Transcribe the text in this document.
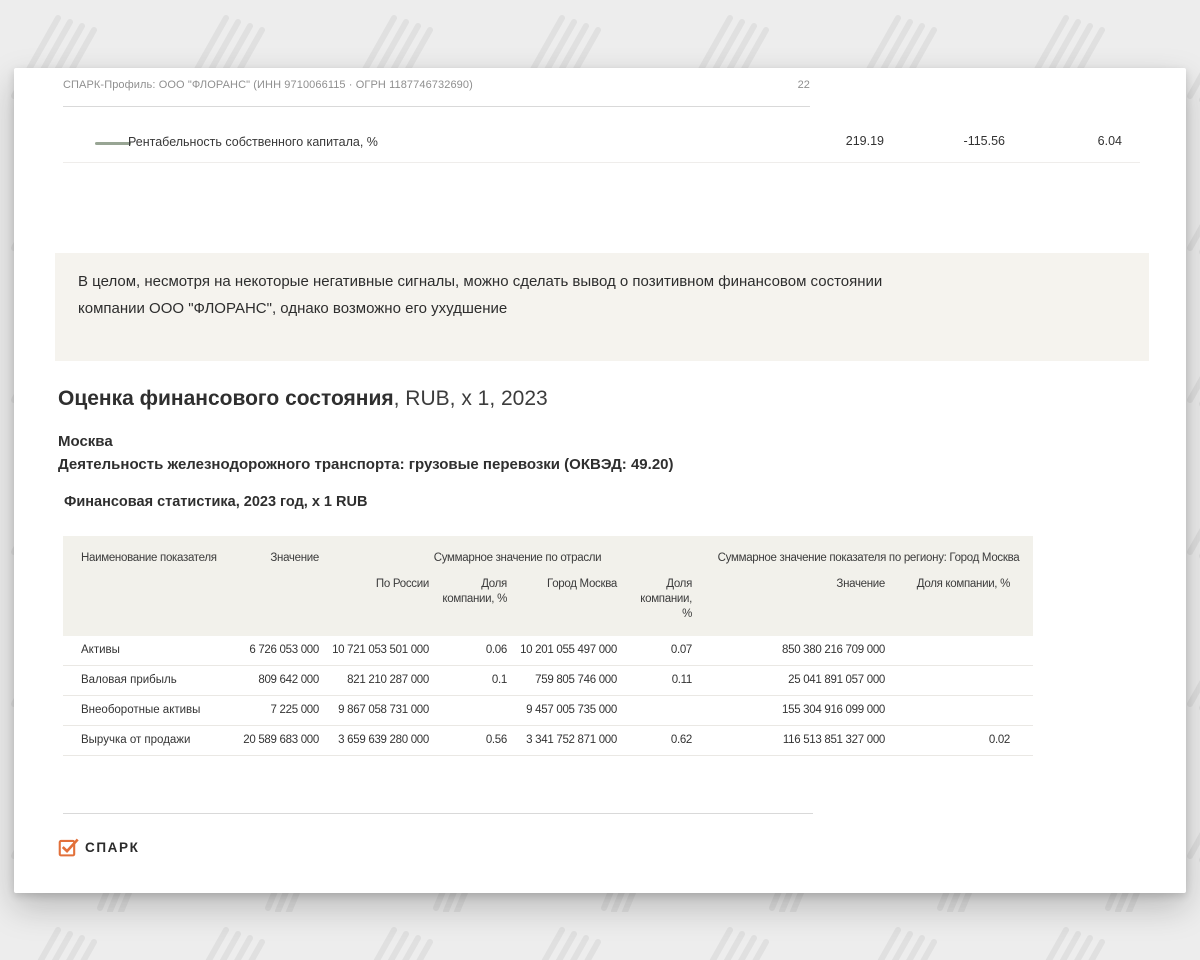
СПАРК-Профиль: ООО "ФЛОРАНС" (ИНН 9710066115 · ОГРН 1187746732690)	22
Рентабельность собственного капитала, %	219.19	-115.56	6.04
В целом, несмотря на некоторые негативные сигналы, можно сделать вывод о позитивном финансовом состоянии компании ООО "ФЛОРАНС", однако возможно его ухудшение
Оценка финансового состояния, RUB, x 1, 2023
Москва
Деятельность железнодорожного транспорта: грузовые перевозки (ОКВЭД: 49.20)
Финансовая статистика, 2023 год, х 1 RUB
Наименование показателя	Значение	Суммарное значение по отрасли				Суммарное значение показателя по региону: Город Москва	
		По России	Доля компании, %	Город Москва	Доля компании, %	Значение	Доля компании, %
Активы	6 726 053 000	10 721 053 501 000	0.06	10 201 055 497 000	0.07	850 380 216 709 000	
Валовая прибыль	809 642 000	821 210 287 000	0.1	759 805 746 000	0.11	25 041 891 057 000	
Внеоборотные активы	7 225 000	9 867 058 731 000		9 457 005 735 000		155 304 916 099 000	
Выручка от продажи	20 589 683 000	3 659 639 280 000	0.56	3 341 752 871 000	0.62	116 513 851 327 000	0.02
СПАРК
